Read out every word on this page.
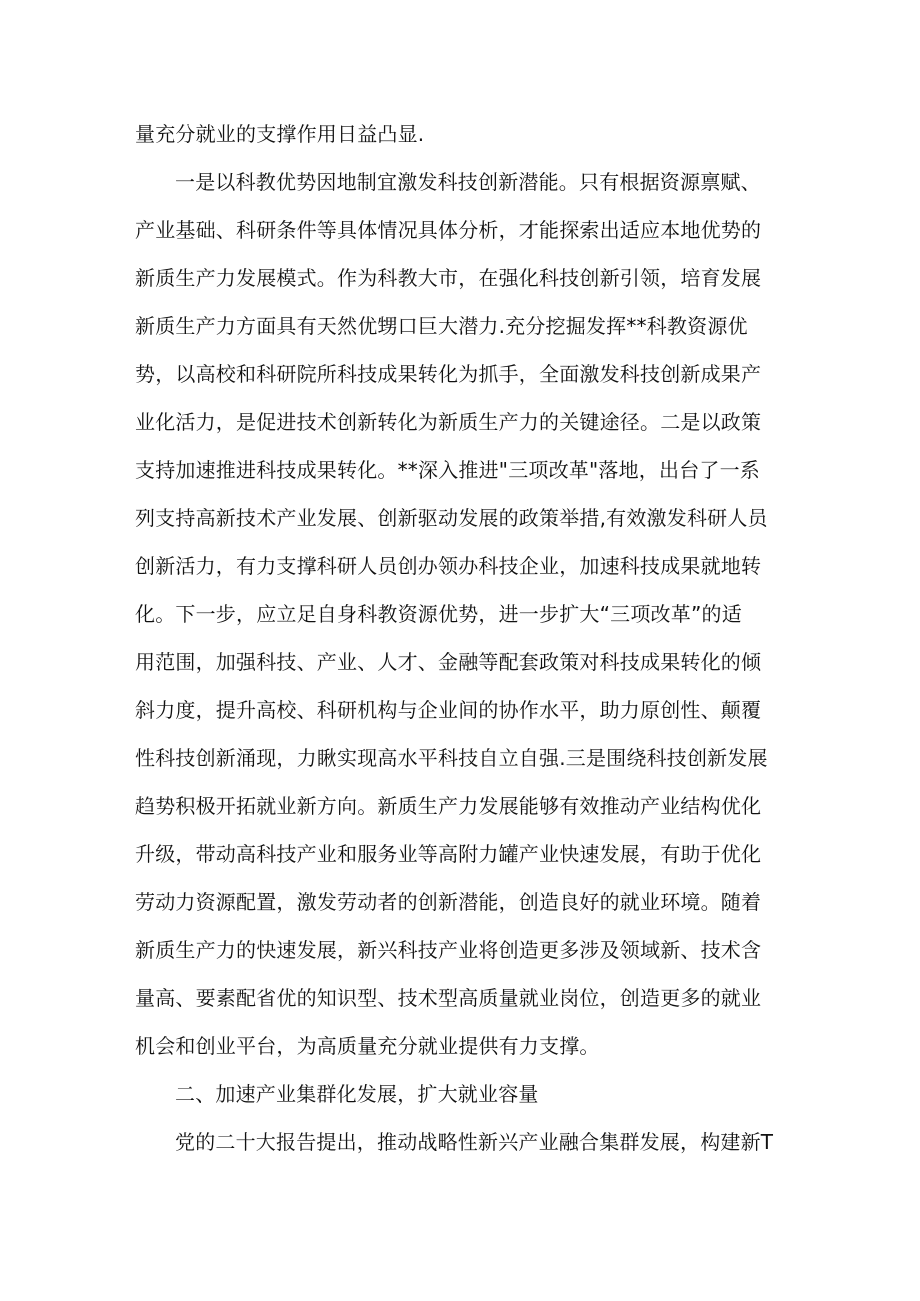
量充分就业的支撑作用日益凸显.
一是以科教优势因地制宜激发科技创新潜能。只有根据资源禀赋、
产业基础、科研条件等具体情况具体分析，才能探索出适应本地优势的
新质生产力发展模式。作为科教大市，在强化科技创新引领，培育发展
新质生产力方面具有天然优甥口巨大潜力.充分挖掘发挥**科教资源优
势，以高校和科研院所科技成果转化为抓手，全面激发科技创新成果产
业化活力，是促进技术创新转化为新质生产力的关键途径。二是以政策
支持加速推进科技成果转化。**深入推进"三项改革"落地，出台了一系
列支持高新技术产业发展、创新驱动发展的政策举措,有效激发科研人员
创新活力，有力支撑科研人员创办领办科技企业，加速科技成果就地转
化。下一步，应立足自身科教资源优势，进一步扩大“三项改革”的适
用范围，加强科技、产业、人才、金融等配套政策对科技成果转化的倾
斜力度，提升高校、科研机构与企业间的协作水平，助力原创性、颠覆
性科技创新涌现，力瞅实现高水平科技自立自强.三是围绕科技创新发展
趋势积极开拓就业新方向。新质生产力发展能够有效推动产业结构优化
升级，带动高科技产业和服务业等高附力罐产业快速发展，有助于优化
劳动力资源配置，激发劳动者的创新潜能，创造良好的就业环境。随着
新质生产力的快速发展，新兴科技产业将创造更多涉及领域新、技术含
量高、要素配省优的知识型、技术型高质量就业岗位，创造更多的就业
机会和创业平台，为高质量充分就业提供有力支撑。
二、加速产业集群化发展，扩大就业容量
党的二十大报告提出，推动战略性新兴产业融合集群发展，构建新T
